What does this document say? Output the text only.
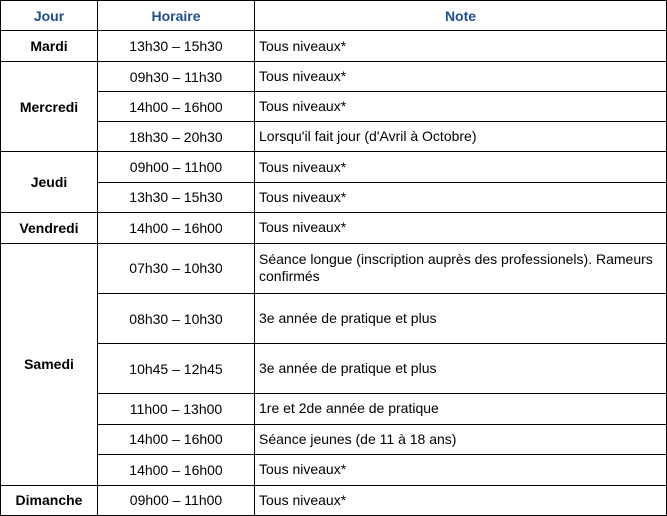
Jour	Horaire	Note
Mardi	13h30 – 15h30	Tous niveaux*
Mercredi	09h30 – 11h30	Tous niveaux*
	14h00 – 16h00	Tous niveaux*
	18h30 – 20h30	Lorsqu'il fait jour (d'Avril à Octobre)
Jeudi	09h00 – 11h00	Tous niveaux*
	13h30 – 15h30	Tous niveaux*
Vendredi	14h00 – 16h00	Tous niveaux*
Samedi	07h30 – 10h30	Séance longue (inscription auprès des professionels). Rameurs confirmés
	08h30 – 10h30	3e année de pratique et plus
	10h45 – 12h45	3e année de pratique et plus
	11h00 – 13h00	1re et 2de année de pratique
	14h00 – 16h00	Séance jeunes (de 11 à 18 ans)
	14h00 – 16h00	Tous niveaux*
Dimanche	09h00 – 11h00	Tous niveaux*
